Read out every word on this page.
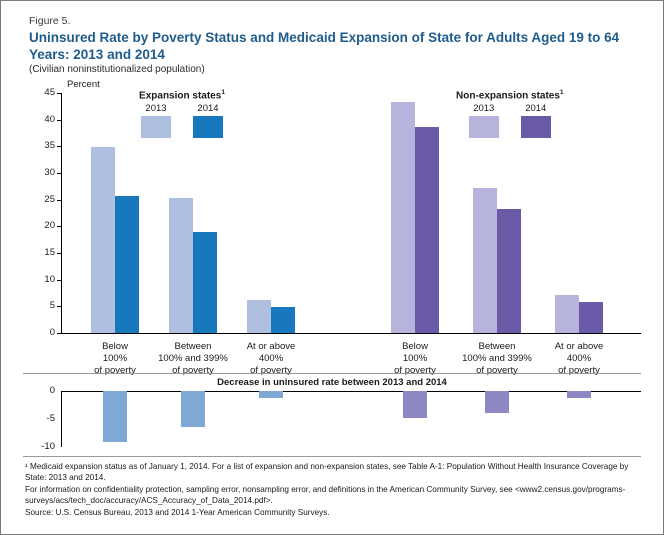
Figure 5.
Uninsured Rate by Poverty Status and Medicaid Expansion of State for Adults Aged 19 to 64 Years: 2013 and 2014
(Civilian noninstitutionalized population)
Percent
0
5
10
15
20
25
30
35
40
45
Below
100%
of poverty
Between
100% and 399%
of poverty
At or above
400%
of poverty
Below
100%
of poverty
Between
100% and 399%
of poverty
At or above
400%
of poverty
Expansion states$^1$
2013	2014
Non-expansion states$^1$
2013	2014
Decrease in uninsured rate between 2013 and 2014
0
-5
-10
¹ Medicaid expansion status as of January 1, 2014. For a list of expansion and non-expansion states, see Table A-1: Population Without Health Insurance Coverage by State: 2013 and 2014.
For information on confidentiality protection, sampling error, nonsampling error, and definitions in the American Community Survey, see <www2.census.gov/programs-surveys/acs/tech_doc/accuracy/ACS_Accuracy_of_Data_2014.pdf>.
Source: U.S. Census Bureau, 2013 and 2014 1-Year American Community Surveys.
